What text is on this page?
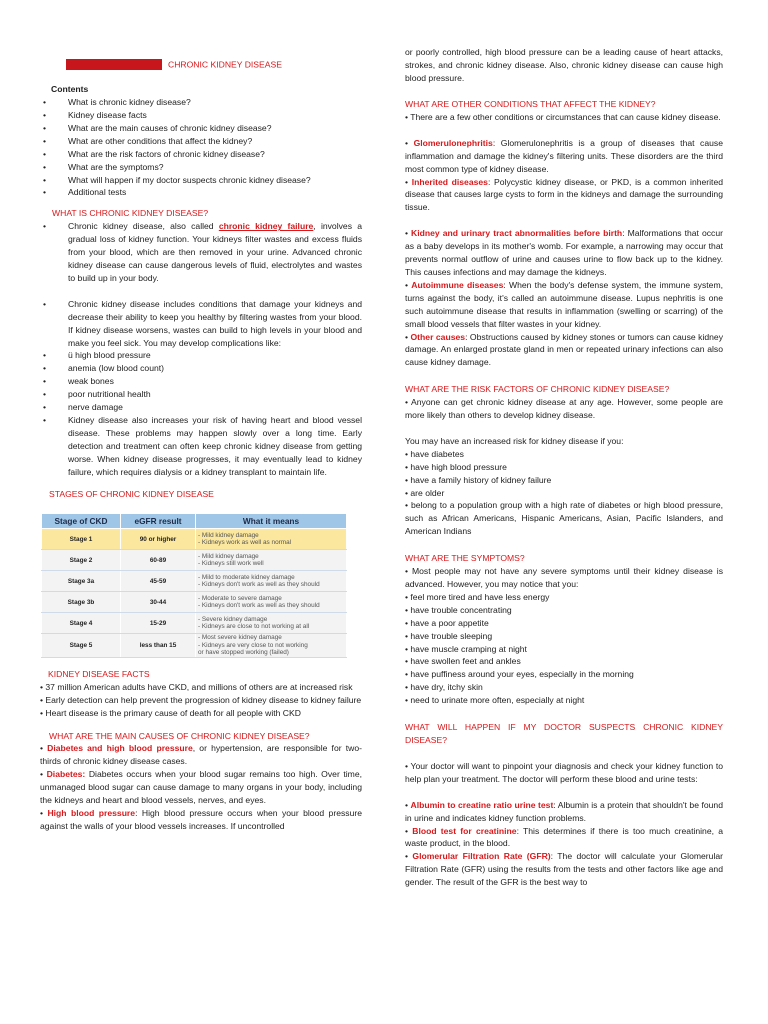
CHRONIC KIDNEY DISEASE
Contents
• What is chronic kidney disease?
• Kidney disease facts
• What are the main causes of chronic kidney disease?
• What are other conditions that affect the kidney?
• What are the risk factors of chronic kidney disease?
• What are the symptoms?
• What will happen if my doctor suspects chronic kidney disease?
• Additional tests

WHAT IS CHRONIC KIDNEY DISEASE?

• Chronic kidney disease, also called chronic kidney failure, involves a gradual loss of kidney function. Your kidneys filter wastes and excess fluids from your blood, which are then removed in your urine. Advanced chronic kidney disease can cause dangerous levels of fluid, electrolytes and wastes to build up in your body.
• Chronic kidney disease includes conditions that damage your kidneys and decrease their ability to keep you healthy by filtering wastes from your blood. If kidney disease worsens, wastes can build to high levels in your blood and make you feel sick. You may develop complications like:
• ü high blood pressure
• anemia (low blood count)
• weak bones
• poor nutritional health
• nerve damage
• Kidney disease also increases your risk of having heart and blood vessel disease. These problems may happen slowly over a long time. Early detection and treatment can often keep chronic kidney disease from getting worse. When kidney disease progresses, it may eventually lead to kidney failure, which requires dialysis or a kidney transplant to maintain life.

STAGES OF CHRONIC KIDNEY DISEASE

Stage of CKD	eGFR result	What it means
Stage 1	90 or higher	- Mild kidney damage
- Kidneys work as well as normal

Stage 2	60-89	- Mild kidney damage
- Kidneys still work well

Stage 3a	45-59	- Mild to moderate kidney damage
- Kidneys don't work as well as they should

Stage 3b	30-44	- Moderate to severe damage
- Kidneys don't work as well as they should

Stage 4	15-29	- Severe kidney damage
- Kidneys are close to not working at all

Stage 5	less than 15	- Most severe kidney damage
- Kidneys are very close to not working
or have stopped working (failed)

KIDNEY DISEASE FACTS

• 37 million American adults have CKD, and millions of others are at increased risk

• Early detection can help prevent the progression of kidney disease to kidney failure

• Heart disease is the primary cause of death for all people with CKD

WHAT ARE THE MAIN CAUSES OF CHRONIC KIDNEY DISEASE?

• Diabetes and high blood pressure, or hypertension, are responsible for two-thirds of chronic kidney disease cases.

• Diabetes: Diabetes occurs when your blood sugar remains too high. Over time, unmanaged blood sugar can cause damage to many organs in your body, including the kidneys and heart and blood vessels, nerves, and eyes.

• High blood pressure: High blood pressure occurs when your blood pressure against the walls of your blood vessels increases. If uncontrolled

WHAT ARE OTHER CONDITIONS THAT AFFECT THE KIDNEY?

• There are a few other conditions or circumstances that can cause kidney disease.

• Glomerulonephritis: Glomerulonephritis is a group of diseases that cause inflammation and damage the kidney's filtering units. These disorders are the third most common type of kidney disease.

• Inherited diseases: Polycystic kidney disease, or PKD, is a common inherited disease that causes large cysts to form in the kidneys and damage the surrounding tissue.

• Kidney and urinary tract abnormalities before birth: Malformations that occur as a baby develops in its mother's womb. For example, a narrowing may occur that prevents normal outflow of urine and causes urine to flow back up to the kidney. This causes infections and may damage the kidneys.

• Autoimmune diseases: When the body's defense system, the immune system, turns against the body, it's called an autoimmune disease. Lupus nephritis is one such autoimmune disease that results in inflammation (swelling or scarring) of the small blood vessels that filter wastes in your kidney.

• Other causes: Obstructions caused by kidney stones or tumors can cause kidney damage. An enlarged prostate gland in men or repeated urinary infections can also cause kidney damage.

WHAT ARE THE RISK FACTORS OF CHRONIC KIDNEY DISEASE?

• Anyone can get chronic kidney disease at any age. However, some people are more likely than others to develop kidney disease.

You may have an increased risk for kidney disease if you:

• have diabetes

• have high blood pressure

• have a family history of kidney failure

• are older

• belong to a population group with a high rate of diabetes or high blood pressure, such as African Americans, Hispanic Americans, Asian, Pacific Islanders, and American Indians

WHAT ARE THE SYMPTOMS?

• Most people may not have any severe symptoms until their kidney disease is advanced. However, you may notice that you:

• feel more tired and have less energy

• have trouble concentrating

• have a poor appetite

• have trouble sleeping

• have muscle cramping at night

• have swollen feet and ankles

• have puffiness around your eyes, especially in the morning

• have dry, itchy skin

• need to urinate more often, especially at night

WHAT WILL HAPPEN IF MY DOCTOR SUSPECTS CHRONIC KIDNEY DISEASE?

• Your doctor will want to pinpoint your diagnosis and check your kidney function to help plan your treatment. The doctor will perform these blood and urine tests:

• Albumin to creatine ratio urine test: Albumin is a protein that shouldn't be found in urine and indicates kidney function problems.

• Blood test for creatinine: This determines if there is too much creatinine, a waste product, in the blood.

• Glomerular Filtration Rate (GFR): The doctor will calculate your Glomerular Filtration Rate (GFR) using the results from the tests and other factors like age and gender. The result of the GFR is the best way to

or poorly controlled, high blood pressure can be a leading cause of heart attacks, strokes, and chronic kidney disease. Also, chronic kidney disease can cause high blood pressure.
